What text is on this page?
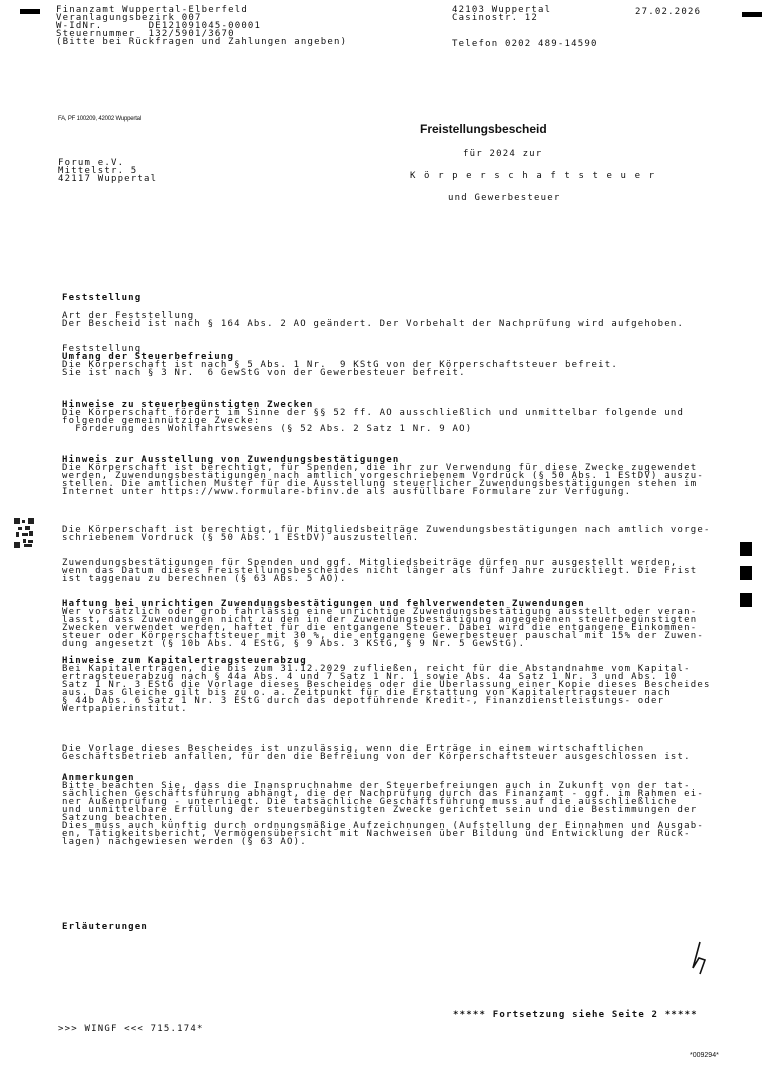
Finanzamt Wuppertal-Elberfeld
Veranlagungsbezirk 007
W-IdNr.       DE121091045-00001
Steuernummer  132/5901/3670
(Bitte bei Rückfragen und Zahlungen angeben)
42103 Wuppertal
Casinostr. 12
Telefon 0202 489-14590
27.02.2026
FA, PF 100209, 42002 Wuppertal
Forum e.V.
Mittelstr. 5
42117 Wuppertal
Freistellungsbescheid
für 2024 zur
K ö r p e r s c h a f t s t e u e r
und Gewerbesteuer
Feststellung
Art der Feststellung
Der Bescheid ist nach § 164 Abs. 2 AO geändert. Der Vorbehalt der Nachprüfung wird aufgehoben.
Feststellung
Umfang der Steuerbefreiung
Die Körperschaft ist nach § 5 Abs. 1 Nr.  9 KStG von der Körperschaftsteuer befreit.
Sie ist nach § 3 Nr.  6 GewStG von der Gewerbesteuer befreit.
Hinweise zu steuerbegünstigten Zwecken
Die Körperschaft fördert im Sinne der §§ 52 ff. AO ausschließlich und unmittelbar folgende und
folgende gemeinnützige Zwecke:
Förderung des Wohlfahrtswesens (§ 52 Abs. 2 Satz 1 Nr. 9 AO)
Hinweis zur Ausstellung von Zuwendungsbestätigungen
Die Körperschaft ist berechtigt, für Spenden, die ihr zur Verwendung für diese Zwecke zugewendet
werden, Zuwendungsbestätigungen nach amtlich vorgeschriebenem Vordruck (§ 50 Abs. 1 EStDV) auszu-
stellen. Die amtlichen Muster für die Ausstellung steuerlicher Zuwendungsbestätigungen stehen im
Internet unter https://www.formulare-bfinv.de als ausfüllbare Formulare zur Verfügung.
Die Körperschaft ist berechtigt, für Mitgliedsbeiträge Zuwendungsbestätigungen nach amtlich vorge-
schriebenem Vordruck (§ 50 Abs. 1 EStDV) auszustellen.
Zuwendungsbestätigungen für Spenden und ggf. Mitgliedsbeiträge dürfen nur ausgestellt werden,
wenn das Datum dieses Freistellungsbescheides nicht länger als fünf Jahre zurückliegt. Die Frist
ist taggenau zu berechnen (§ 63 Abs. 5 AO).
Haftung bei unrichtigen Zuwendungsbestätigungen und fehlverwendeten Zuwendungen
Wer vorsätzlich oder grob fahrlässig eine unrichtige Zuwendungsbestätigung ausstellt oder veran-
lasst, dass Zuwendungen nicht zu den in der Zuwendungsbestätigung angegebenen steuerbegünstigten
Zwecken verwendet werden, haftet für die entgangene Steuer. Dabei wird die entgangene Einkommen-
steuer oder Körperschaftsteuer mit 30 %, die entgangene Gewerbesteuer pauschal mit 15% der Zuwen-
dung angesetzt (§ 10b Abs. 4 EStG, § 9 Abs. 3 KStG, § 9 Nr. 5 GewStG).
Hinweise zum Kapitalertragsteuerabzug
Bei Kapitalerträgen, die bis zum 31.12.2029 zufließen, reicht für die Abstandnahme vom Kapital-
ertragsteuerabzug nach § 44a Abs. 4 und 7 Satz 1 Nr. 1 sowie Abs. 4a Satz 1 Nr. 3 und Abs. 10
Satz 1 Nr. 3 EStG die Vorlage dieses Bescheides oder die Überlassung einer Kopie dieses Bescheides
aus. Das Gleiche gilt bis zu o. a. Zeitpunkt für die Erstattung von Kapitalertragsteuer nach
§ 44b Abs. 6 Satz 1 Nr. 3 EStG durch das depotführende Kredit-, Finanzdienstleistungs- oder
Wertpapierinstitut.
Die Vorlage dieses Bescheides ist unzulässig, wenn die Erträge in einem wirtschaftlichen
Geschäftsbetrieb anfallen, für den die Befreiung von der Körperschaftsteuer ausgeschlossen ist.
Anmerkungen
Bitte beachten Sie, dass die Inanspruchnahme der Steuerbefreiungen auch in Zukunft von der tat-
sächlichen Geschäftsführung abhängt, die der Nachprüfung durch das Finanzamt - ggf. im Rahmen ei-
ner Außenprüfung - unterliegt. Die tatsächliche Geschäftsführung muss auf die ausschließliche
und unmittelbare Erfüllung der steuerbegünstigten Zwecke gerichtet sein und die Bestimmungen der
Satzung beachten.
Dies muss auch künftig durch ordnungsmäßige Aufzeichnungen (Aufstellung der Einnahmen und Ausgab-
en, Tätigkeitsbericht, Vermögensübersicht mit Nachweisen über Bildung und Entwicklung der Rück-
lagen) nachgewiesen werden (§ 63 AO).
Erläuterungen
***** Fortsetzung siehe Seite 2 *****
>>> WINGF <<< 715.174*
*009294*
